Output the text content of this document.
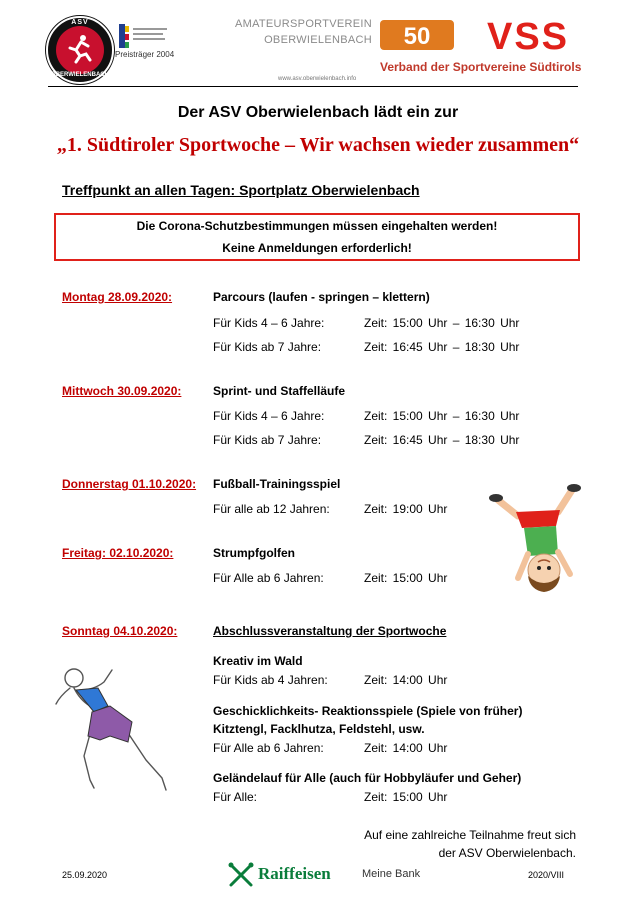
ASV
OBERWIELENBACH
Preisträger 2004
AMATEURSPORTVEREIN
OBERWIELENBACH
www.asv.oberwielenbach.info
50 VSS
Verband der Sportvereine Südtirols
Der ASV Oberwielenbach lädt ein zur
„1. Südtiroler Sportwoche – Wir wachsen wieder zusammen“
Treffpunkt an allen Tagen: Sportplatz Oberwielenbach
Die Corona-Schutzbestimmungen müssen eingehalten werden!
Keine Anmeldungen erforderlich!
Montag 28.09.2020:	Parcours (laufen - springen – klettern)
Für Kids 4 – 6 Jahre:	Zeit: 15:00 Uhr – 16:30 Uhr
Für Kids ab 7 Jahre:	Zeit: 16:45 Uhr – 18:30 Uhr
Mittwoch 30.09.2020:	Sprint- und Staffelläufe
Für Kids 4 – 6 Jahre:	Zeit: 15:00 Uhr – 16:30 Uhr
Für Kids ab 7 Jahre:	Zeit: 16:45 Uhr – 18:30 Uhr
Donnerstag 01.10.2020: Fußball-Trainingsspiel
Für alle ab 12 Jahren:	Zeit: 19:00 Uhr
Freitag: 02.10.2020:	Strumpfgolfen
Für Alle ab 6 Jahren:	Zeit: 15:00 Uhr
Sonntag 04.10.2020:	Abschlussveranstaltung der Sportwoche
Kreativ im Wald
Für Kids ab 4 Jahren:	Zeit: 14:00 Uhr
Geschicklichkeits- Reaktionsspiele (Spiele von früher)
Kitztengl, Facklhutza, Feldstehl, usw.
Für Alle ab 6 Jahren:	Zeit: 14:00 Uhr
Geländelauf für Alle (auch für Hobbyläufer und Geher)
Für Alle:	Zeit: 15:00 Uhr
Auf eine zahlreiche Teilnahme freut sich
der ASV Oberwielenbach.
25.09.2020	Raiffeisen	Meine Bank	2020/VIII
